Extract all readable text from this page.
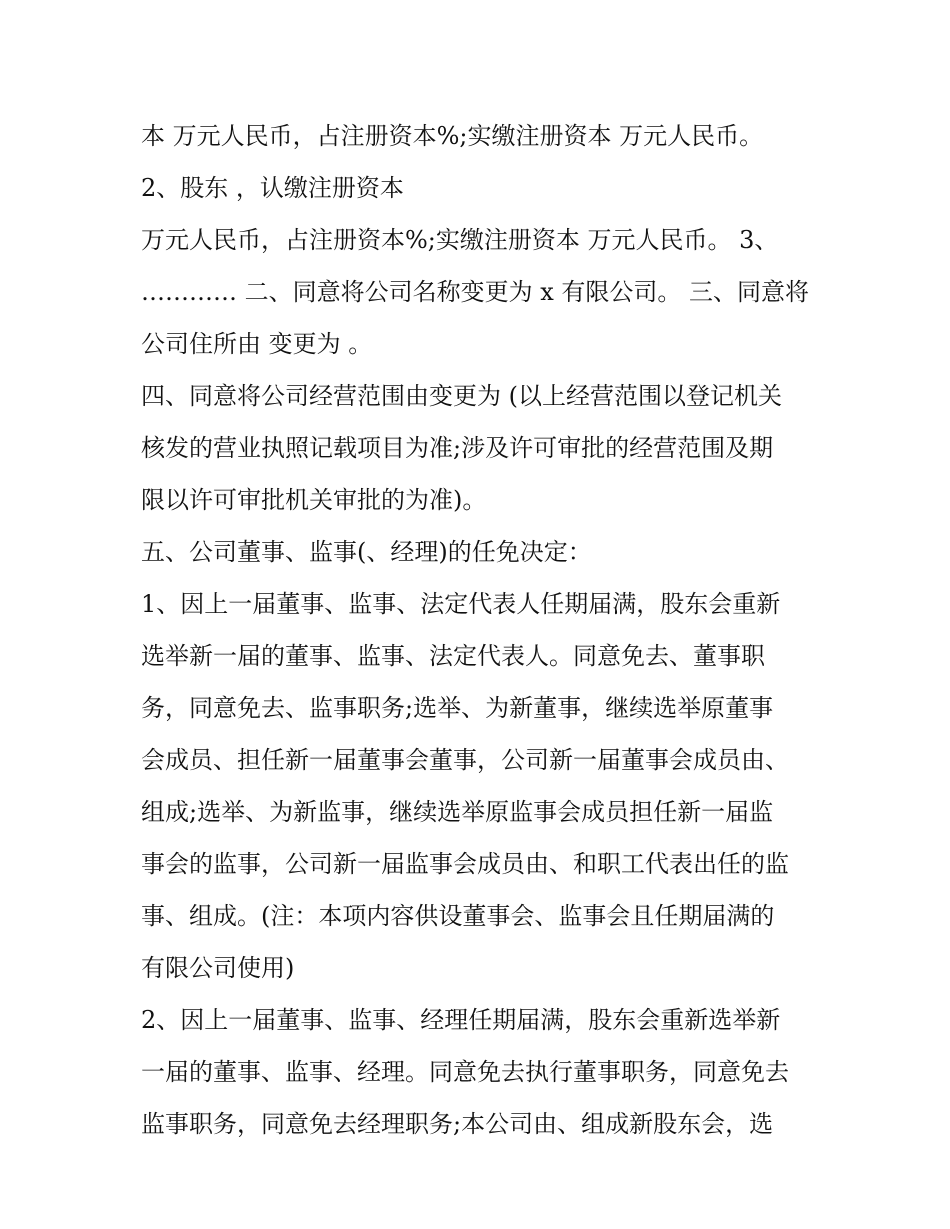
本 万元人民币，占注册资本%;实缴注册资本 万元人民币。
2、股东 ，认缴注册资本
万元人民币，占注册资本%;实缴注册资本 万元人民币。 3、
………… 二、同意将公司名称变更为 x 有限公司。 三、同意将
公司住所由 变更为 。
四、同意将公司经营范围由变更为 (以上经营范围以登记机关
核发的营业执照记载项目为准;涉及许可审批的经营范围及期
限以许可审批机关审批的为准)。
五、公司董事、监事(、经理)的任免决定：
1、因上一届董事、监事、法定代表人任期届满，股东会重新
选举新一届的董事、监事、法定代表人。同意免去、董事职
务，同意免去、监事职务;选举、为新董事，继续选举原董事
会成员、担任新一届董事会董事，公司新一届董事会成员由、
组成;选举、为新监事，继续选举原监事会成员担任新一届监
事会的监事，公司新一届监事会成员由、和职工代表出任的监
事、组成。(注：本项内容供设董事会、监事会且任期届满的
有限公司使用)
2、因上一届董事、监事、经理任期届满，股东会重新选举新
一届的董事、监事、经理。同意免去执行董事职务，同意免去
监事职务，同意免去经理职务;本公司由、组成新股东会，选
